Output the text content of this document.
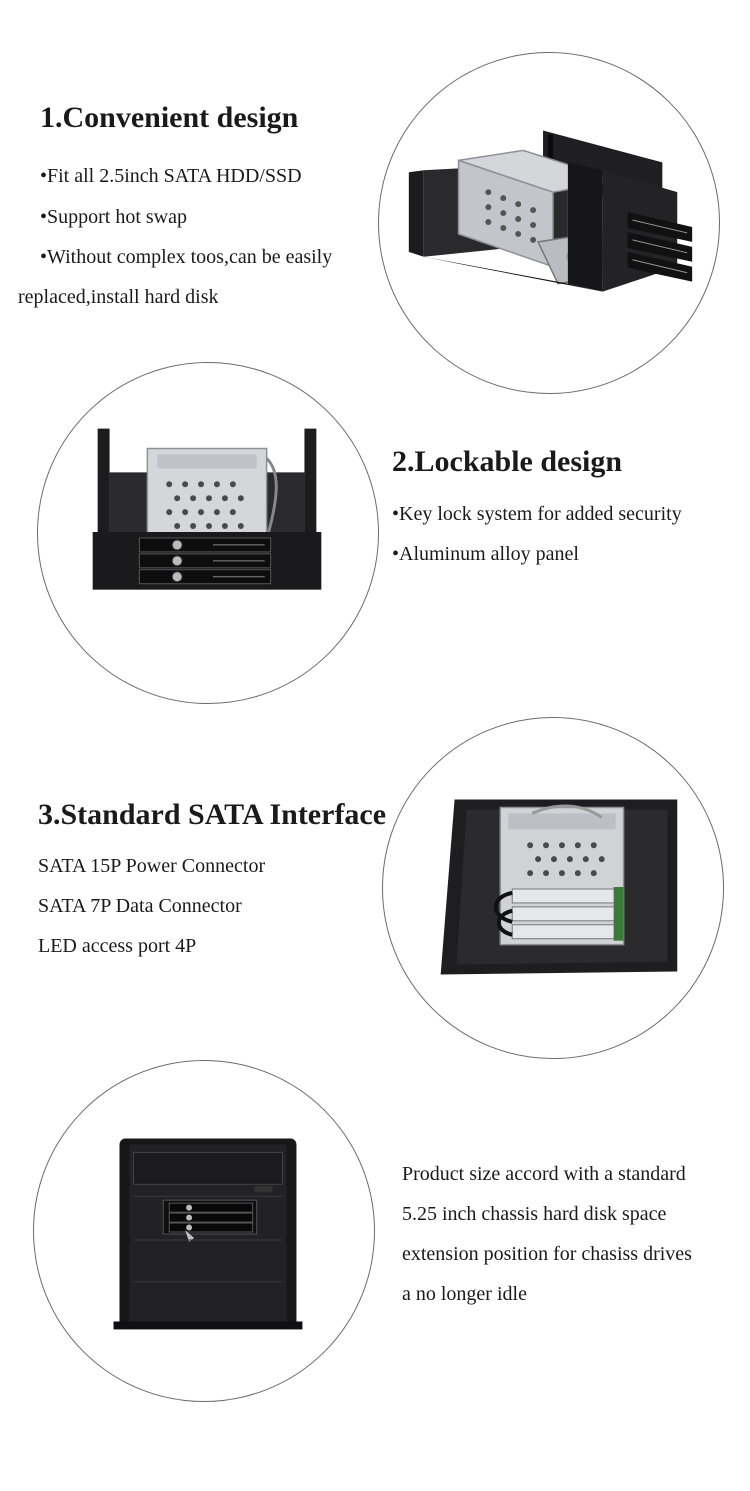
1.Convenient design
•Fit all 2.5inch SATA HDD/SSD
•Support hot swap
•Without complex toos,can be easily
replaced,install hard disk
2.Lockable design
•Key lock system for added security
•Aluminum alloy panel
3.Standard SATA Interface
SATA 15P Power Connector
SATA 7P Data Connector
LED access port 4P
Product size accord with a standard
5.25 inch chassis hard disk space
extension position for chasiss drives
a no longer idle
